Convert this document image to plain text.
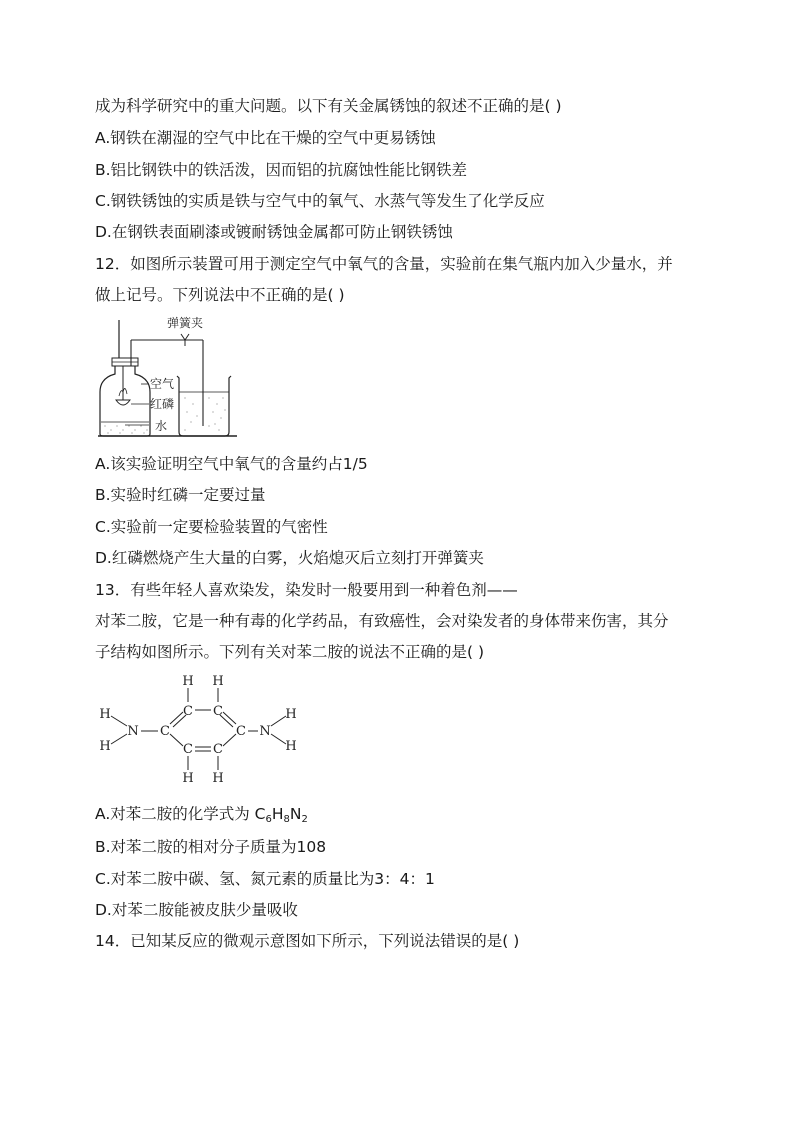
成为科学研究中的重大问题。以下有关金属锈蚀的叙述不正确的是( )
A.钢铁在潮湿的空气中比在干燥的空气中更易锈蚀
B.铝比钢铁中的铁活泼，因而铝的抗腐蚀性能比钢铁差
C.钢铁锈蚀的实质是铁与空气中的氧气、水蒸气等发生了化学反应
D.在钢铁表面刷漆或镀耐锈蚀金属都可防止钢铁锈蚀
12．如图所示装置可用于测定空气中氧气的含量，实验前在集气瓶内加入少量水，并
做上记号。下列说法中不正确的是( )
弹簧夹
空气
红磷
水
A.该实验证明空气中氧气的含量约占1/5
B.实验时红磷一定要过量
C.实验前一定要检验装置的气密性
D.红磷燃烧产生大量的白雾，火焰熄灭后立刻打开弹簧夹
13．有些年轻人喜欢染发，染发时一般要用到一种着色剂——
对苯二胺，它是一种有毒的化学药品，有致癌性，会对染发者的身体带来伤害，其分
子结构如图所示。下列有关对苯二胺的说法不正确的是( )
H H
C C
H
H
N C	C N
H
H
C C
H H
A.对苯二胺的化学式为 $C_6H_8N_2$
B.对苯二胺的相对分子质量为108
C.对苯二胺中碳、氢、氮元素的质量比为3：4：1
D.对苯二胺能被皮肤少量吸收
14．已知某反应的微观示意图如下所示，下列说法错误的是( )
